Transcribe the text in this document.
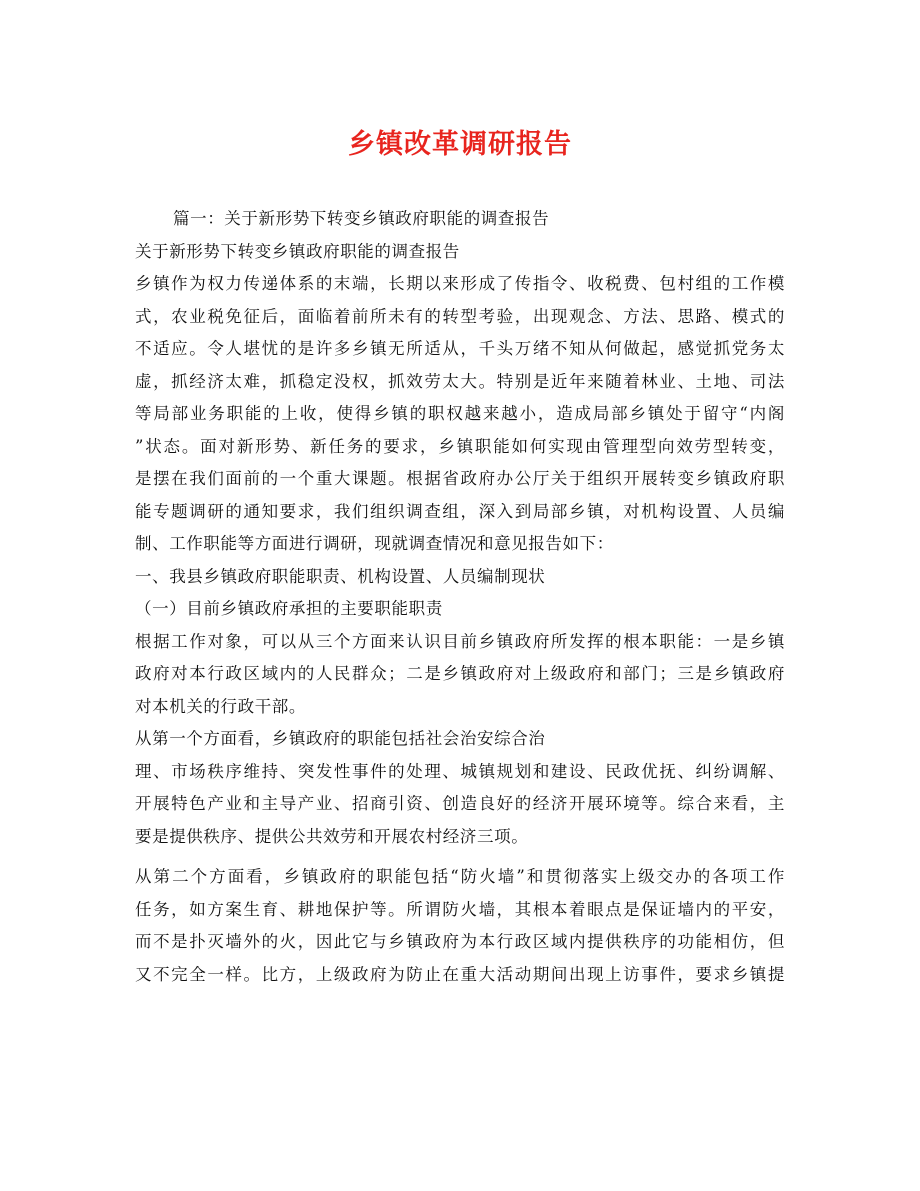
乡镇改革调研报告
篇一：关于新形势下转变乡镇政府职能的调查报告
关于新形势下转变乡镇政府职能的调查报告
乡镇作为权力传递体系的末端，长期以来形成了传指令、收税费、包村组的工作模
式，农业税免征后，面临着前所未有的转型考验，出现观念、方法、思路、模式的
不适应。令人堪忧的是许多乡镇无所适从，千头万绪不知从何做起，感觉抓党务太
虚，抓经济太难，抓稳定没权，抓效劳太大。特别是近年来随着林业、土地、司法
等局部业务职能的上收，使得乡镇的职权越来越小，造成局部乡镇处于留守“内阁
”状态。面对新形势、新任务的要求，乡镇职能如何实现由管理型向效劳型转变，
是摆在我们面前的一个重大课题。根据省政府办公厅关于组织开展转变乡镇政府职
能专题调研的通知要求，我们组织调查组，深入到局部乡镇，对机构设置、人员编
制、工作职能等方面进行调研，现就调查情况和意见报告如下：
一、我县乡镇政府职能职责、机构设置、人员编制现状
（一）目前乡镇政府承担的主要职能职责
根据工作对象，可以从三个方面来认识目前乡镇政府所发挥的根本职能：一是乡镇
政府对本行政区域内的人民群众；二是乡镇政府对上级政府和部门；三是乡镇政府
对本机关的行政干部。
从第一个方面看，乡镇政府的职能包括社会治安综合治
理、市场秩序维持、突发性事件的处理、城镇规划和建设、民政优抚、纠纷调解、
开展特色产业和主导产业、招商引资、创造良好的经济开展环境等。综合来看，主
要是提供秩序、提供公共效劳和开展农村经济三项。
从第二个方面看，乡镇政府的职能包括“防火墙”和贯彻落实上级交办的各项工作
任务，如方案生育、耕地保护等。所谓防火墙，其根本着眼点是保证墙内的平安，
而不是扑灭墙外的火，因此它与乡镇政府为本行政区域内提供秩序的功能相仿，但
又不完全一样。比方，上级政府为防止在重大活动期间出现上访事件，要求乡镇提
